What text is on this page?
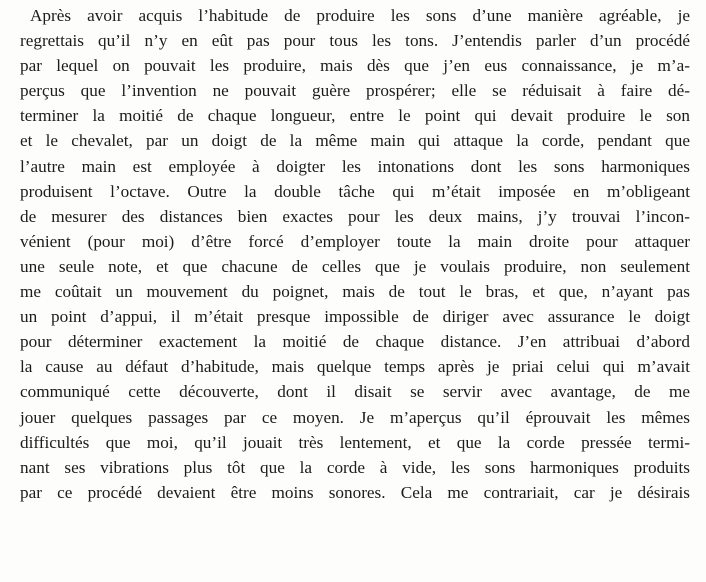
Après avoir acquis l’habitude de produire les sons d’une manière agréable, je
regrettais qu’il n’y en eût pas pour tous les tons. J’entendis parler d’un procédé
par lequel on pouvait les produire, mais dès que j’en eus connaissance, je m’a-
perçus que l’invention ne pouvait guère prospérer; elle se réduisait à faire dé-
terminer la moitié de chaque longueur, entre le point qui devait produire le son
et le chevalet, par un doigt de la même main qui attaque la corde, pendant que
l’autre main est employée à doigter les intonations dont les sons harmoniques
produisent l’octave. Outre la double tâche qui m’était imposée en m’obligeant
de mesurer des distances bien exactes pour les deux mains, j’y trouvai l’incon-
vénient (pour moi) d’être forcé d’employer toute la main droite pour attaquer
une seule note, et que chacune de celles que je voulais produire, non seulement
me coûtait un mouvement du poignet, mais de tout le bras, et que, n’ayant pas
un point d’appui, il m’était presque impossible de diriger avec assurance le doigt
pour déterminer exactement la moitié de chaque distance. J’en attribuai d’abord
la cause au défaut d’habitude, mais quelque temps après je priai celui qui m’avait
communiqué cette découverte, dont il disait se servir avec avantage, de me
jouer quelques passages par ce moyen. Je m’aperçus qu’il éprouvait les mêmes
difficultés que moi, qu’il jouait très lentement, et que la corde pressée termi-
nant ses vibrations plus tôt que la corde à vide, les sons harmoniques produits
par ce procédé devaient être moins sonores. Cela me contrariait, car je désirais
